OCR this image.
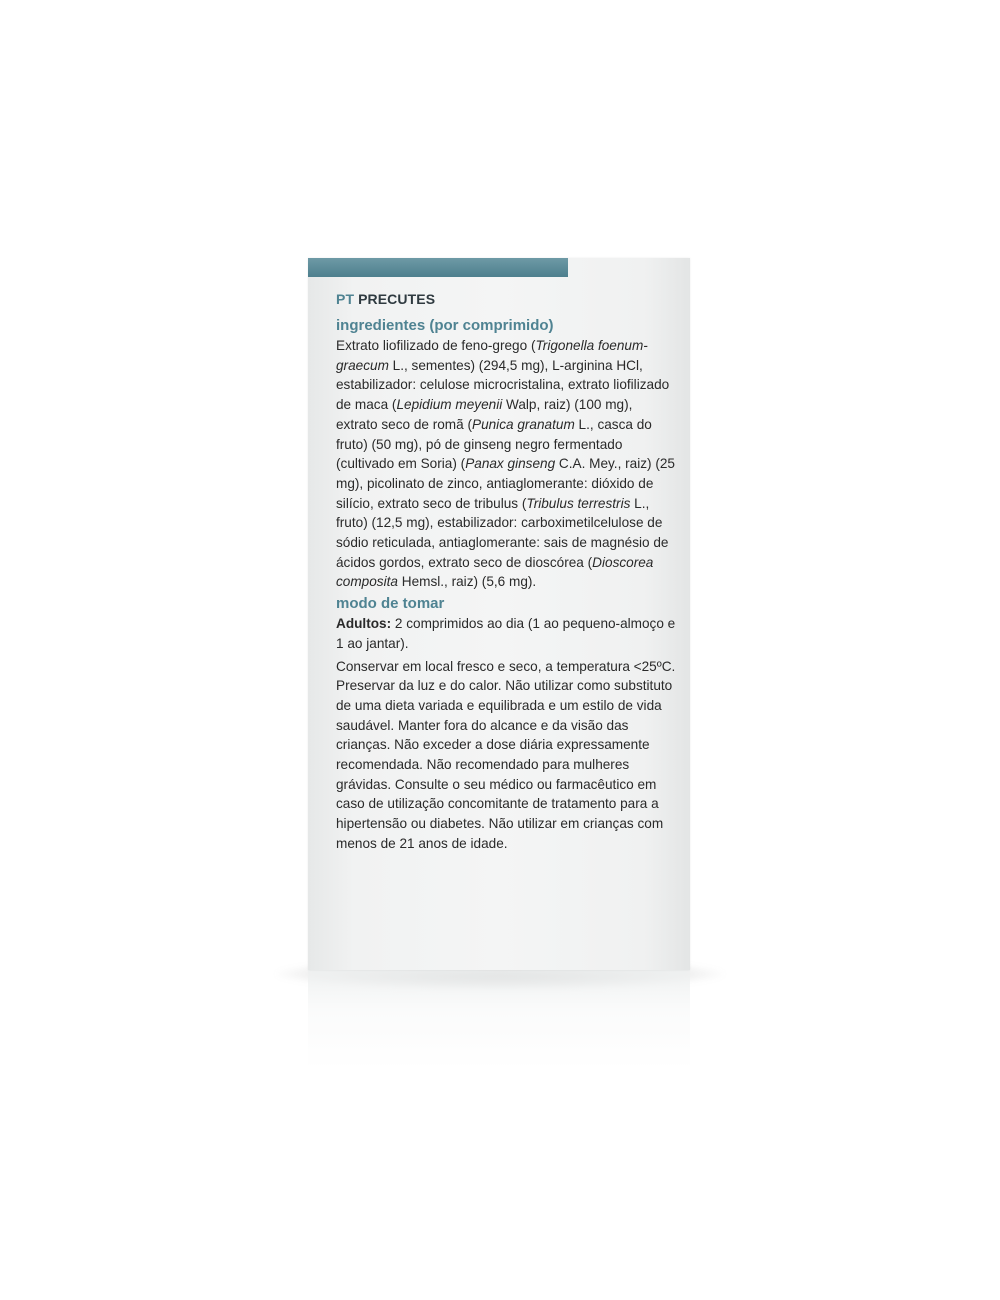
PT PRECUTES

ingredientes (por comprimido)

Extrato liofilizado de feno-grego (Trigonella foenum-graecum L., sementes) (294,5 mg), L-arginina HCl, estabilizador: celulose microcristalina, extrato liofilizado de maca (Lepidium meyenii Walp, raiz) (100 mg), extrato seco de romã (Punica granatum L., casca do fruto) (50 mg), pó de ginseng negro fermentado (cultivado em Soria) (Panax ginseng C.A. Mey., raiz) (25 mg), picolinato de zinco, antiaglomerante: dióxido de silício, extrato seco de tribulus (Tribulus terrestris L., fruto) (12,5 mg), estabilizador: carboximetilcelulose de sódio reticulada, antiaglomerante: sais de magnésio de ácidos gordos, extrato seco de dioscórea (Dioscorea composita Hemsl., raiz) (5,6 mg).

modo de tomar

Adultos: 2 comprimidos ao dia (1 ao pequeno-almoço e 1 ao jantar).

Conservar em local fresco e seco, a temperatura <25ºC. Preservar da luz e do calor. Não utilizar como substituto de uma dieta variada e equilibrada e um estilo de vida saudável. Manter fora do alcance e da visão das crianças. Não exceder a dose diária expressamente recomendada. Não recomendado para mulheres grávidas. Consulte o seu médico ou farmacêutico em caso de utilização concomitante de tratamento para a hipertensão ou diabetes. Não utilizar em crianças com menos de 21 anos de idade.
